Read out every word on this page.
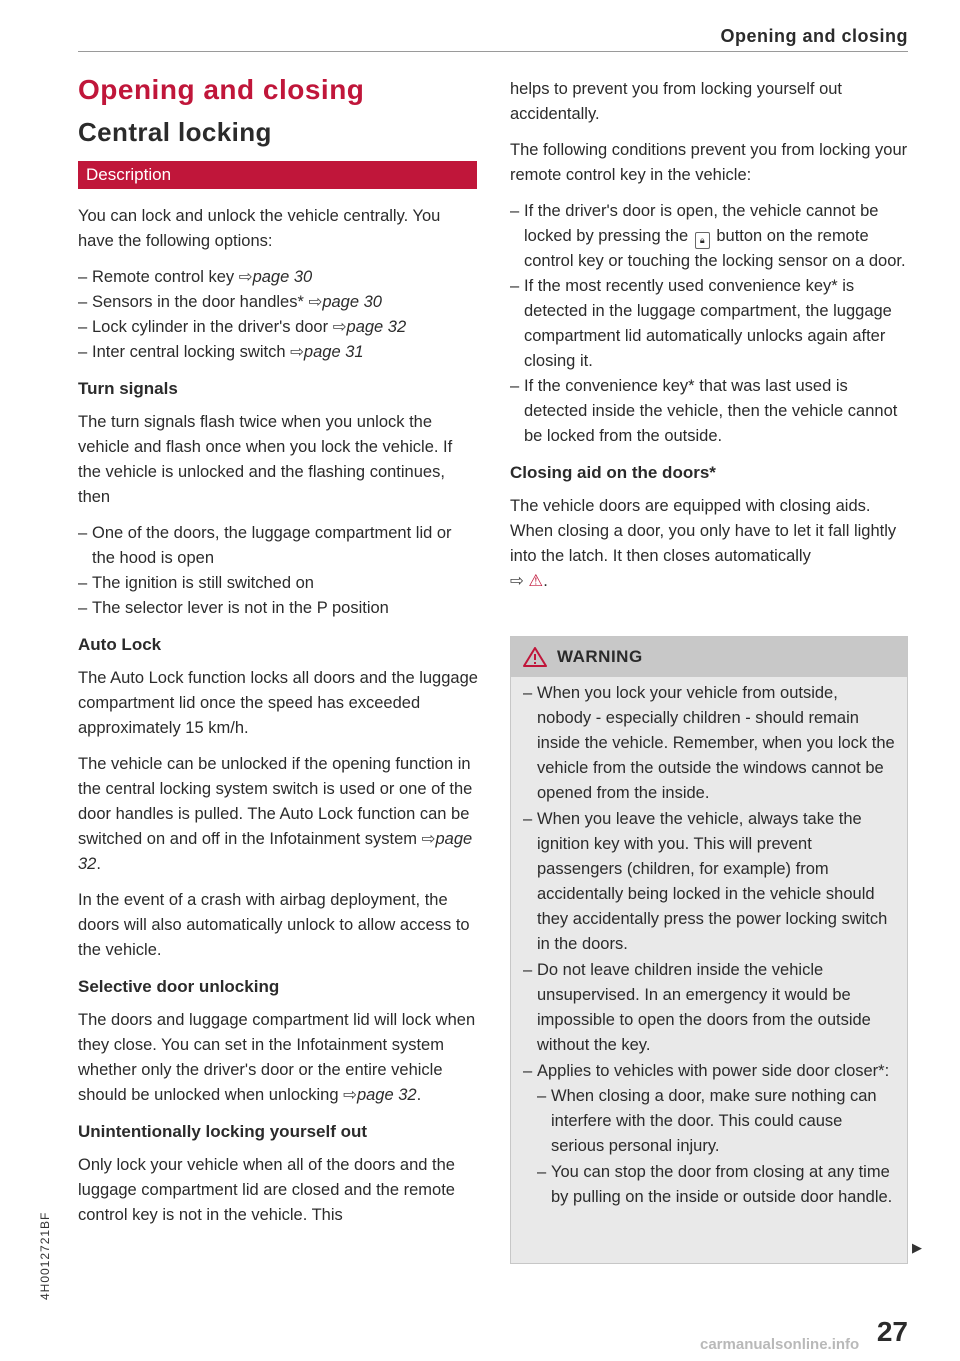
Opening and closing
Opening and closing
Central locking
Description

You can lock and unlock the vehicle centrally. You have the following options:

– Remote control key ⇨page 30
– Sensors in the door handles* ⇨page 30
– Lock cylinder in the driver's door ⇨page 32
– Inter central locking switch ⇨page 31
Turn signals

The turn signals flash twice when you unlock the vehicle and flash once when you lock the vehicle. If the vehicle is unlocked and the flashing continues, then

– One of the doors, the luggage compartment lid or the hood is open
– The ignition is still switched on
– The selector lever is not in the P position
Auto Lock

The Auto Lock function locks all doors and the luggage compartment lid once the speed has exceeded approximately 15 km/h.

The vehicle can be unlocked if the opening function in the central locking system switch is used or one of the door handles is pulled. The Auto Lock function can be switched on and off in the Infotainment system ⇨page 32.

In the event of a crash with airbag deployment, the doors will also automatically unlock to allow access to the vehicle.

Selective door unlocking

The doors and luggage compartment lid will lock when they close. You can set in the Infotainment system whether only the driver's door or the entire vehicle should be unlocked when unlocking ⇨page 32.

Unintentionally locking yourself out

Only lock your vehicle when all of the doors and the luggage compartment lid are closed and the remote control key is not in the vehicle. This

helps to prevent you from locking yourself out accidentally.

The following conditions prevent you from locking your remote control key in the vehicle:

– If the driver's door is open, the vehicle cannot be locked by pressing the 🔒︎ button on the remote control key or touching the locking sensor on a door.
– If the most recently used convenience key* is detected in the luggage compartment, the luggage compartment lid automatically unlocks again after closing it.
– If the convenience key* that was last used is detected inside the vehicle, then the vehicle cannot be locked from the outside.
Closing aid on the doors*

The vehicle doors are equipped with closing aids. When closing a door, you only have to let it fall lightly into the latch. It then closes automatically
⇨ ⚠︎.

WARNING
– When you lock your vehicle from outside, nobody - especially children - should remain inside the vehicle. Remember, when you lock the vehicle from the outside the windows cannot be opened from the inside.
– When you leave the vehicle, always take the ignition key with you. This will prevent passengers (children, for example) from accidentally being locked in the vehicle should they accidentally press the power locking switch in the doors.
– Do not leave children inside the vehicle unsupervised. In an emergency it would be impossible to open the doors from the outside without the key.
– Applies to vehicles with power side door closer*:
– When closing a door, make sure nothing can interfere with the door. This could cause serious personal injury.
– You can stop the door from closing at any time by pulling on the inside or outside door handle.
▶
27
4H0012721BF
carmanualsonline.info
